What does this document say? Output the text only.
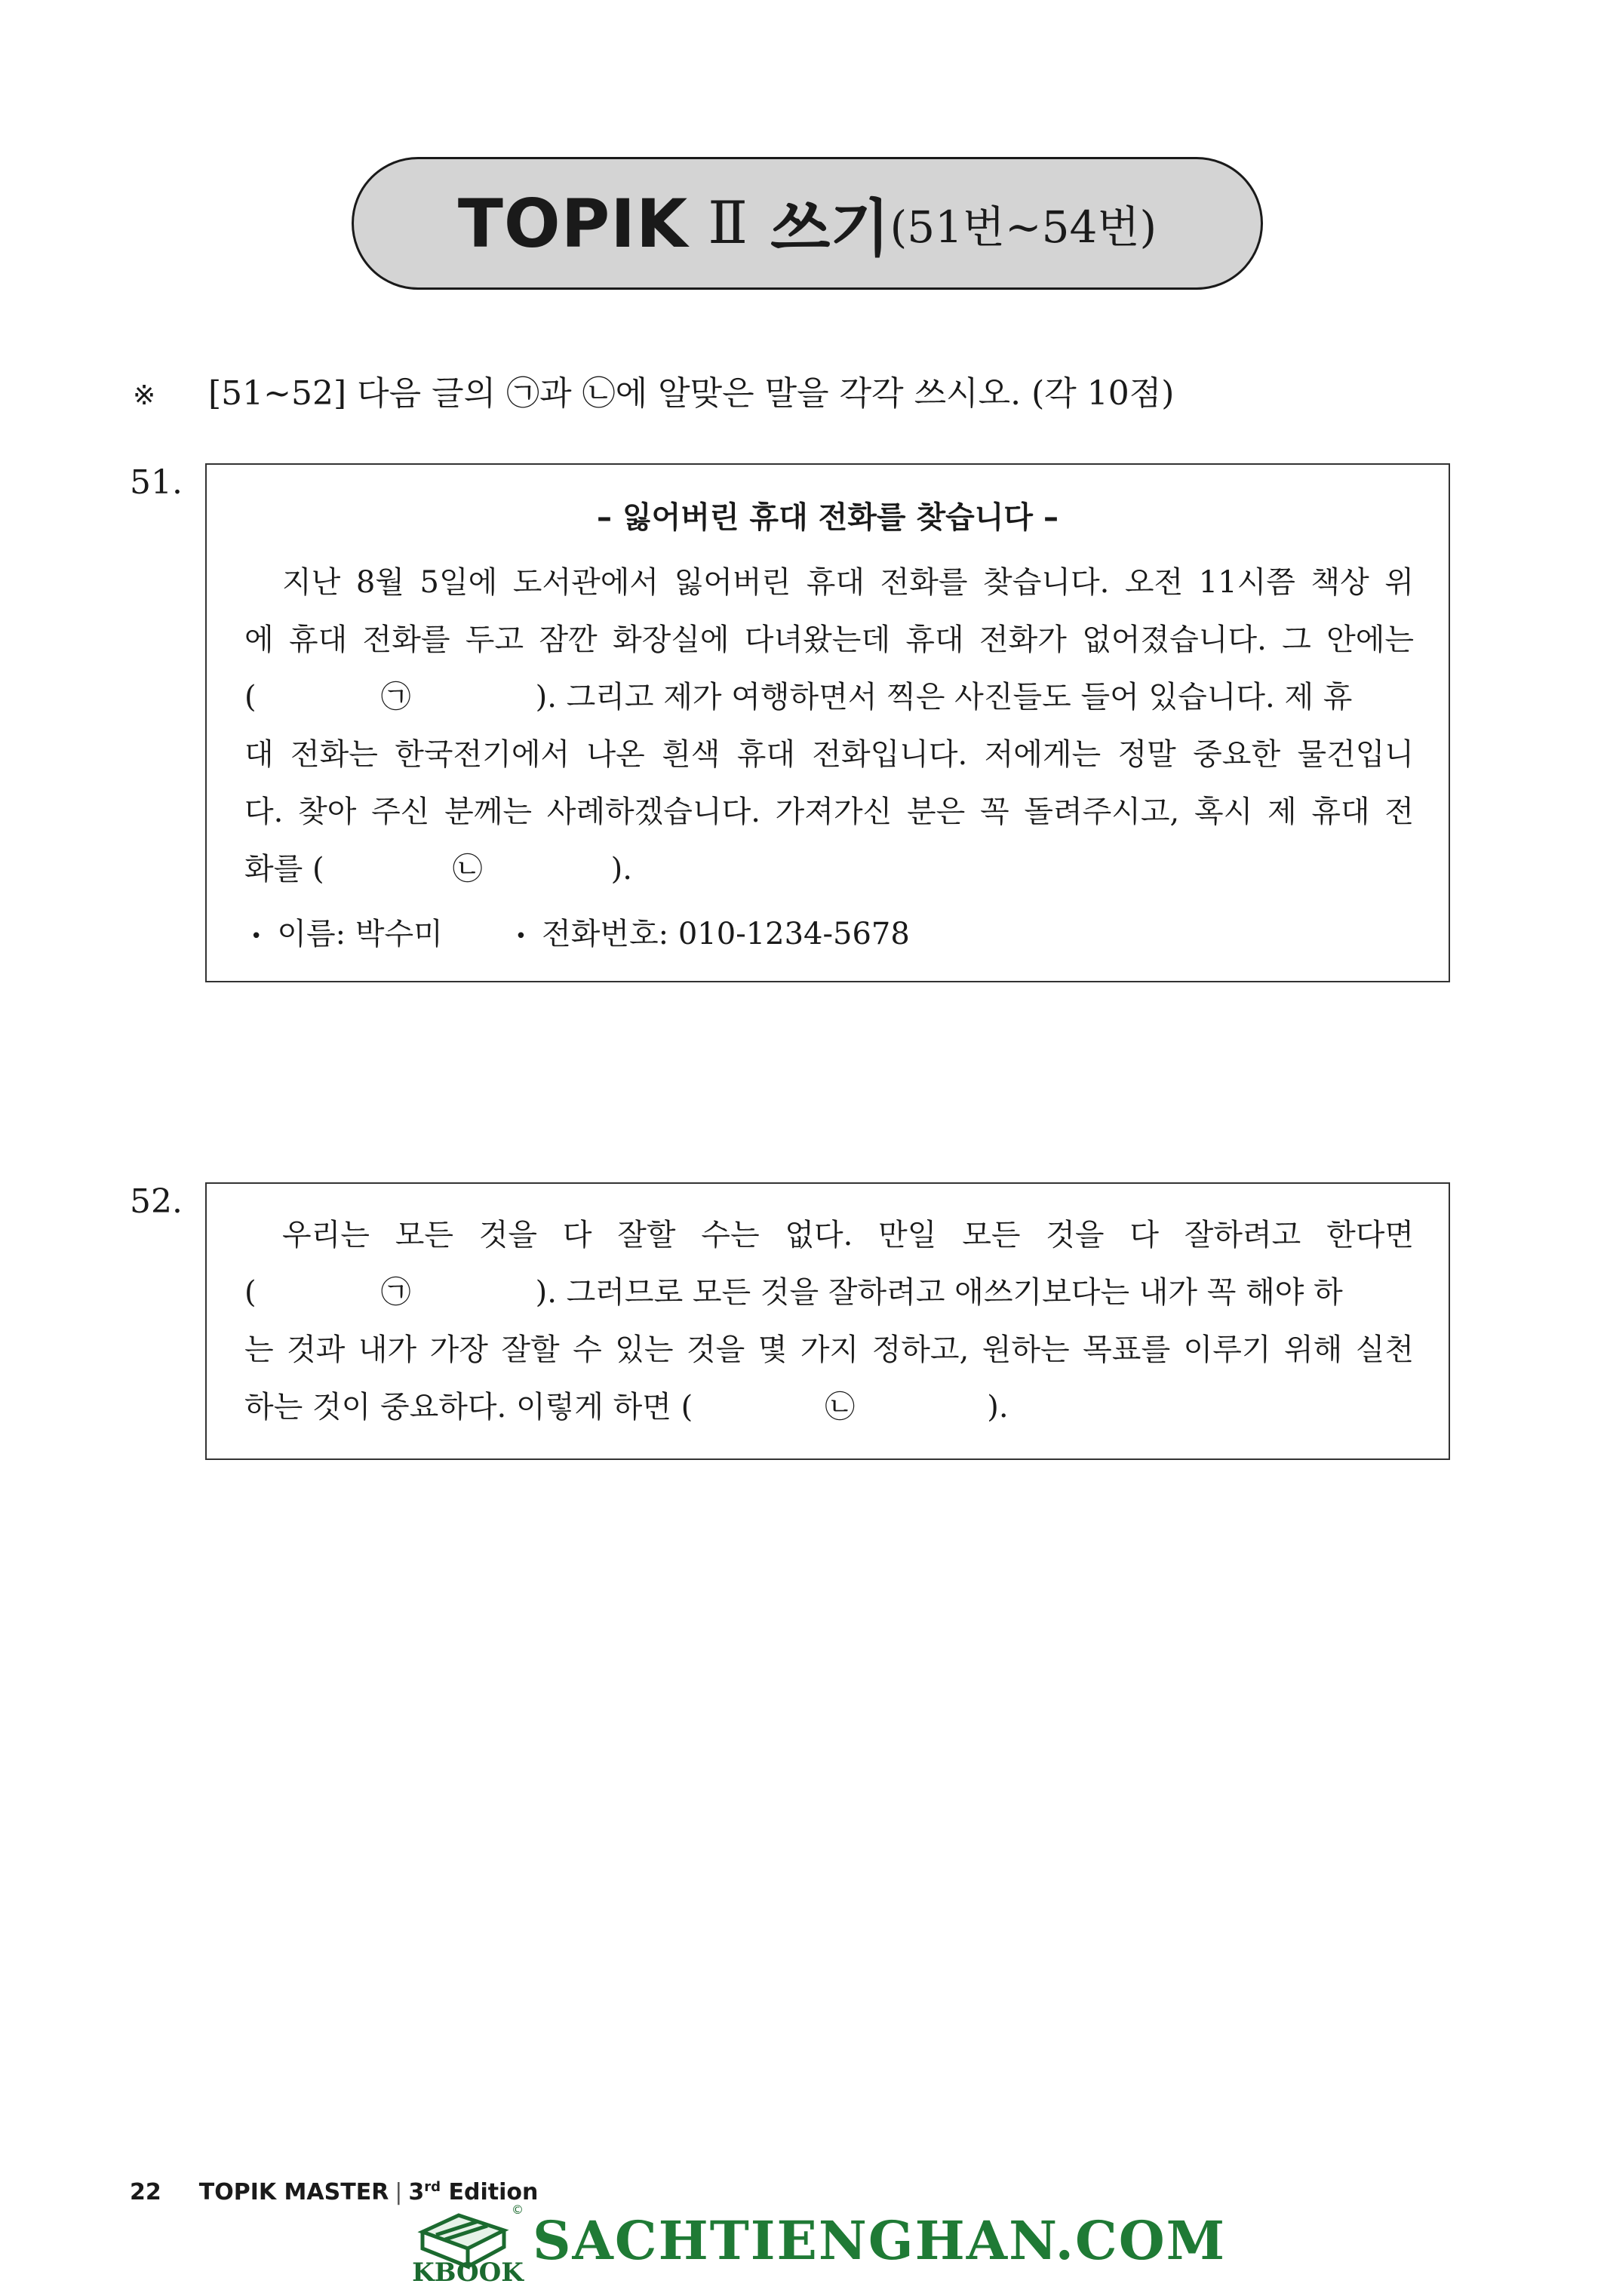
TOPIK Ⅱ 쓰기 (51번~54번)
※ [51~52] 다음 글의 ㉠과 ㉡에 알맞은 말을 각각 쓰시오. (각 10점)
51.
– 잃어버린 휴대 전화를 찾습니다 –
지난 8월 5일에 도서관에서 잃어버린 휴대 전화를 찾습니다. 오전 11시쯤 책상 위
에 휴대 전화를 두고 잠깐 화장실에 다녀왔는데 휴대 전화가 없어졌습니다. 그 안에는
(	㉠	). 그리고 제가 여행하면서 찍은 사진들도 들어 있습니다. 제 휴
대 전화는 한국전기에서 나온 흰색 휴대 전화입니다. 저에게는 정말 중요한 물건입니
다. 찾아 주신 분께는 사례하겠습니다. 가져가신 분은 꼭 돌려주시고, 혹시 제 휴대 전
화를 (	㉡	).
• 이름: 박수미	• 전화번호: 010-1234-5678
52.
우리는 모든 것을 다 잘할 수는 없다. 만일 모든 것을 다 잘하려고 한다면
(	㉠	). 그러므로 모든 것을 잘하려고 애쓰기보다는 내가 꼭 해야 하
는 것과 내가 가장 잘할 수 있는 것을 몇 가지 정하고, 원하는 목표를 이루기 위해 실천
하는 것이 중요하다. 이렇게 하면 (	㉡	).
22 TOPIK MASTER | 3rd Edition
©
KBOOK
SACHTIENGHAN.COM
